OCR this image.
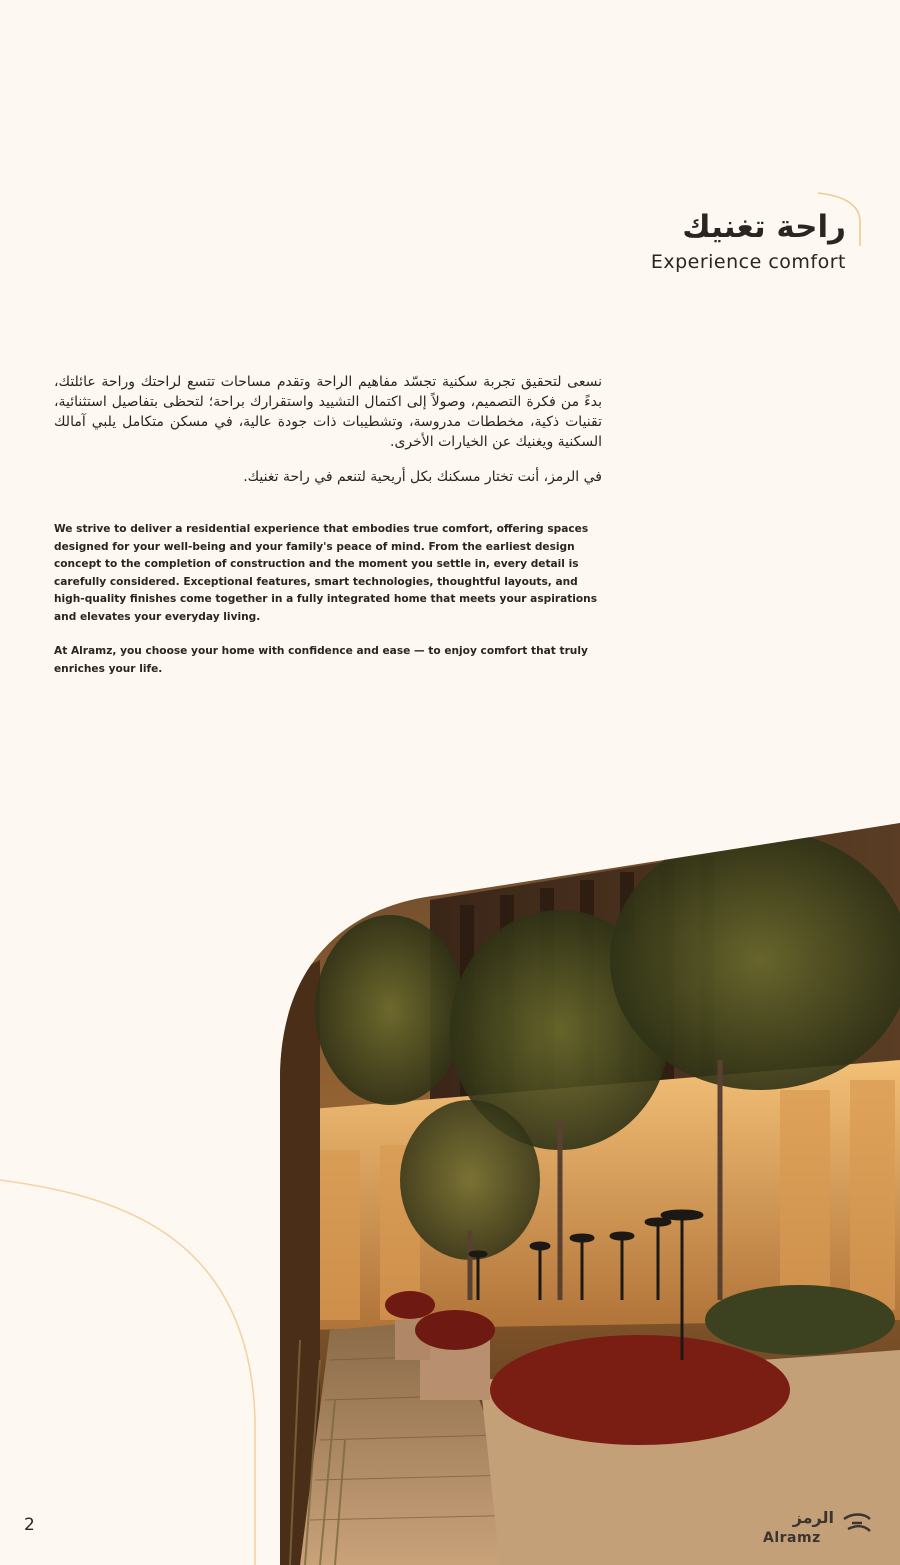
راحة تغنيك
Experience comfort

نسعى لتحقيق تجربة سكنية تجسّد مفاهيم الراحة وتقدم مساحات تتسع لراحتك وراحة عائلتك، بدءً من فكرة التصميم، وصولاً إلى اكتمال التشييد واستقرارك براحة؛ لتحظى بتفاصيل استثنائية، تقنيات ذكية، مخططات مدروسة، وتشطيبات ذات جودة عالية، في مسكن متكامل يلبي آمالك السكنية ويغنيك عن الخيارات الأخرى.

في الرمز، أنت تختار مسكنك بكل أريحية لتنعم في راحة تغنيك.

We strive to deliver a residential experience that embodies true comfort, offering spaces designed for your well-being and your family's peace of mind. From the earliest design concept to the completion of construction and the moment you settle in, every detail is carefully considered. Exceptional features, smart technologies, thoughtful layouts, and high-quality finishes come together in a fully integrated home that meets your aspirations and elevates your everyday living.

At Alramz, you choose your home with confidence and ease — to enjoy comfort that truly enriches your life.

2	الرمز
Alramz
